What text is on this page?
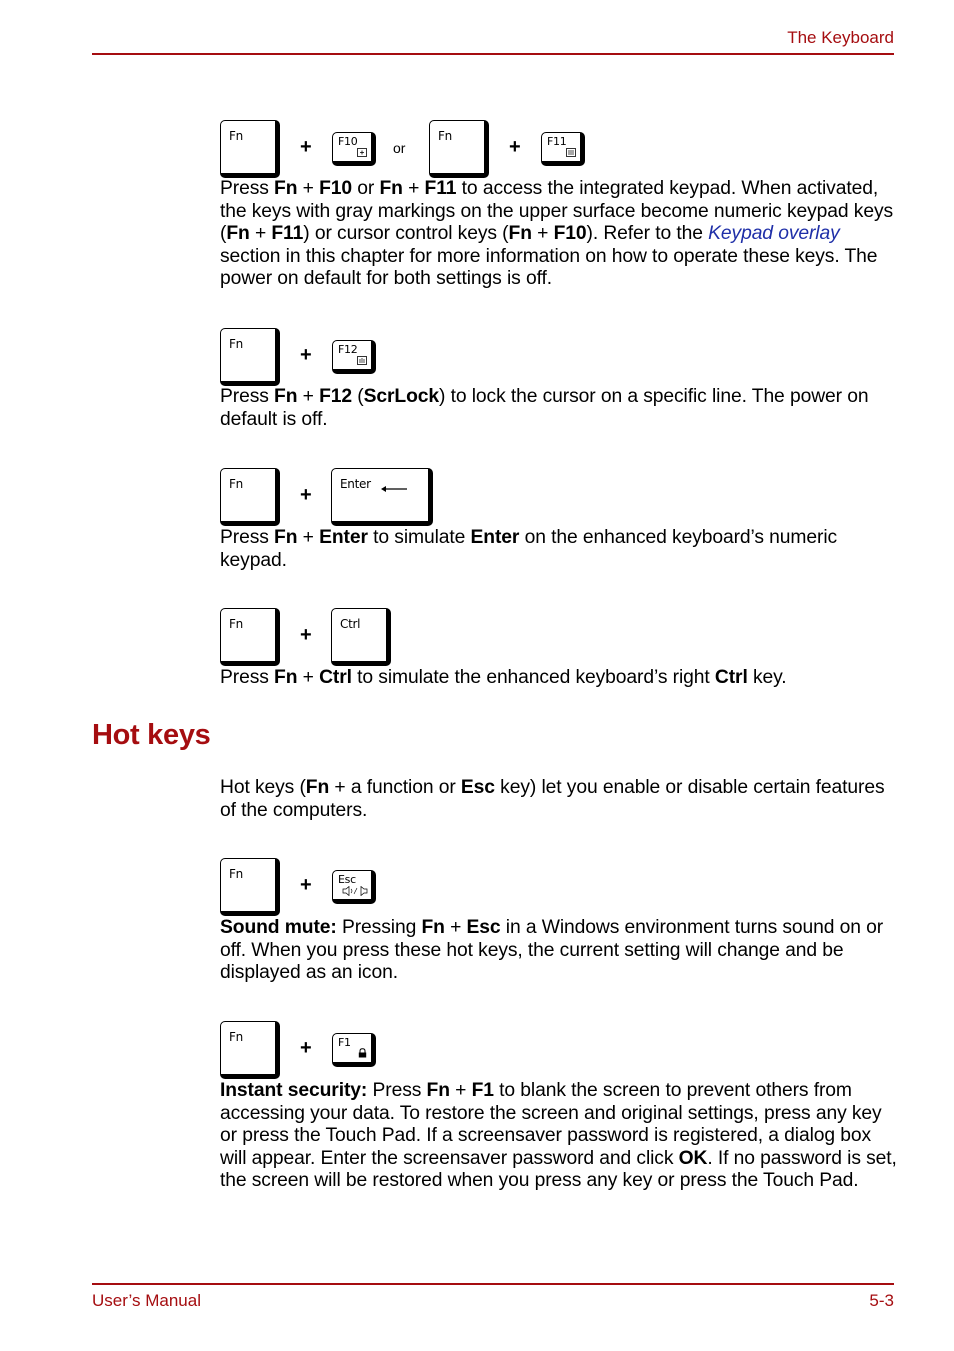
The Keyboard
Fn	+ F10	or
Fn	+ F11

Press Fn + F10 or Fn + F11 to access the integrated keypad. When activated, the keys with gray markings on the upper surface become numeric keypad keys (Fn + F11) or cursor control keys (Fn + F10). Refer to the Keypad overlay section in this chapter for more information on how to operate these keys. The power on default for both settings is off.

Fn	+ F12

Press Fn + F12 (ScrLock) to lock the cursor on a specific line. The power on default is off.

Fn	+ Enter

Press Fn + Enter to simulate Enter on the enhanced keyboard’s numeric keypad.

Fn	+ Ctrl

Press Fn + Ctrl to simulate the enhanced keyboard’s right Ctrl key.

Hot keys

Hot keys (Fn + a function or Esc key) let you enable or disable certain features of the computers.

Fn	+ Esc

Sound mute: Pressing Fn + Esc in a Windows environment turns sound on or off. When you press these hot keys, the current setting will change and be displayed as an icon.

Fn	+ F1

Instant security: Press Fn + F1 to blank the screen to prevent others from accessing your data. To restore the screen and original settings, press any key or press the Touch Pad. If a screensaver password is registered, a dialog box will appear. Enter the screensaver password and click OK. If no password is set, the screen will be restored when you press any key or press the Touch Pad.

User’s Manual	5-3
